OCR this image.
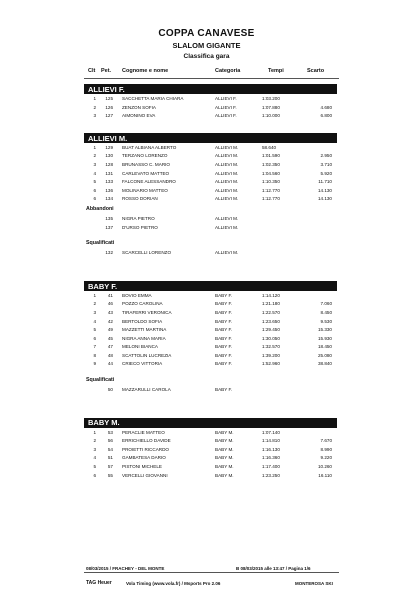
COPPA CANAVESE
SLALOM GIGANTE
Classifica gara
Clt Pet. Cognome e nome	Categoria	Tempi	Scarto
ALLIEVI F.
1	125 SACCHETTA MARIA CHIARA	ALLIEVI F.	1:03.200
2	126 ZENZON SOFIA	ALLIEVI F.	1:07.880	4.680
3	127 AIMONINO EVA	ALLIEVI F.	1:10.000	6.800
ALLIEVI M.
1	129 BUAT ALBIANA ALBERTO	ALLIEVI M.	58.640
2	130 TERZANO LORENZO	ALLIEVI M.	1:01.590	2.950
3	128 BRUNASSO C. MARIO	ALLIEVI M.	1:02.350	3.710
4	131 CARLEVATO MATTEO	ALLIEVI M.	1:04.560	5.920
5	133 FALCONE ALESSANDRO	ALLIEVI M.	1:10.350	11.710
6	136 MOLINARIO MATTEO	ALLIEVI M.	1:12.770	14.130
6	134 ROSSO DORIAN	ALLIEVI M.	1:12.770	14.130
Abbandoni
135 NIGRA PIETRO	ALLIEVI M.
137 D'URSO PIETRO	ALLIEVI M.
Squalificati
132 SCARCELLI LORENZO	ALLIEVI M.
BABY F.
1	41 BOVIO EMMA	BABY F.	1:14.120
2	46 POZZO CAROLINA	BABY F.	1:21.180	7.060
3	43 TIRAFERRI VERONICA	BABY F.	1:22.570	8.450
4	42 BERTOLDO SOFIA	BABY F.	1:23.650	9.530
5	49 MAZZETTI MARTINA	BABY F.	1:29.450	15.330
6	45 NIGRA ANNA MARIA	BABY F.	1:30.050	15.930
7	47 MELONI BIANCA	BABY F.	1:32.570	18.450
8	48 SCATTOLIN LUCREZIA	BABY F.	1:39.200	25.080
9	44 CRIECO VITTORIA	BABY F.	1:52.960	38.840
Squalificati
50 MAZZARULLI CAROLA	BABY F.
BABY M.
1	53 PERACLIE MATTEO	BABY M.	1:07.140
2	56 ERRICHIELLO DAVIDE	BABY M.	1:14.810	7.670
3	54 PROIETTI RICCARDO	BABY M.	1:16.130	8.990
4	51 GAMBATESA DARIO	BABY M.	1:16.360	9.220
5	57 PISTONI MICHELE	BABY M.	1:17.400	10.260
6	55 VERCELLI GIOVANNI	BABY M.	1:23.250	16.110
08/03/2015 / FRACHEY - DEL MONTE	B 08/03/2015 alle 13:47 / Pagina 1/6
TAG Heuer	Vola Timing (www.vola.fr) / Msports Pro 2.06	MONTEROSA SKI
